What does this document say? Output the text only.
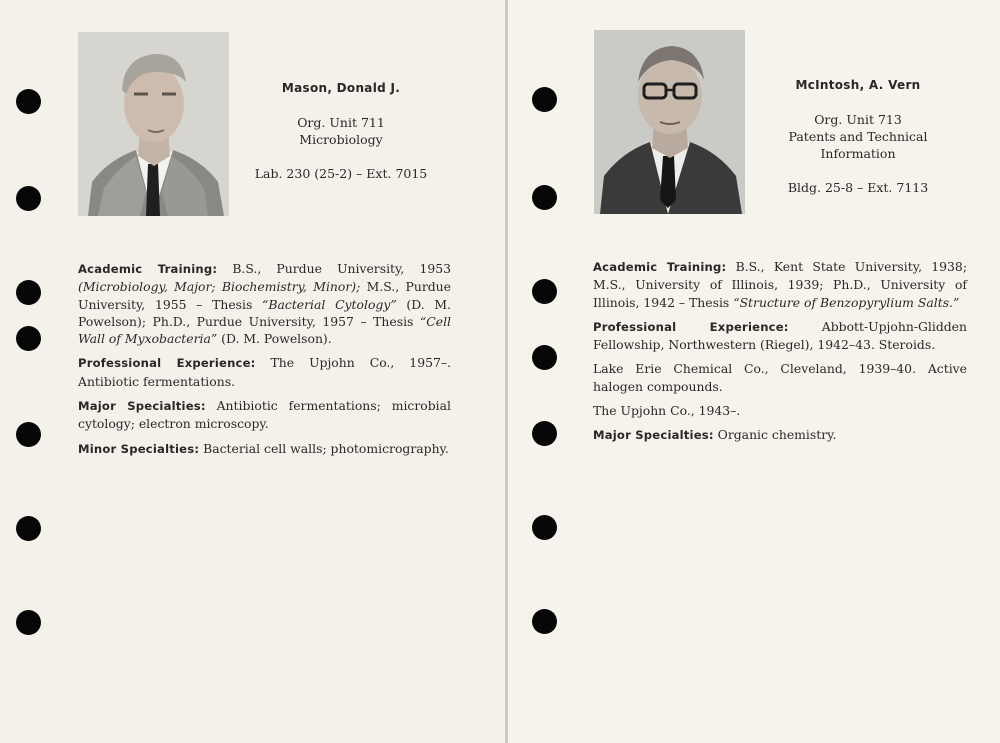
Mason, Donald J.
Org. Unit 711
Microbiology
Lab. 230 (25-2) – Ext. 7015

Academic Training: B.S., Purdue University, 1953 (Microbiology, Major; Biochemistry, Minor); M.S., Purdue University, 1955 – Thesis “Bacterial Cytology” (D. M. Powelson); Ph.D., Purdue University, 1957 – Thesis “Cell Wall of Myxobacteria” (D. M. Powelson).

Professional Experience: The Upjohn Co., 1957–. Antibiotic fermentations.

Major Specialties: Antibiotic fermentations; microbial cytology; electron microscopy.

Minor Specialties: Bacterial cell walls; photomicrography.

McIntosh, A. Vern
Org. Unit 713
Patents and Technical
Information
Bldg. 25-8 – Ext. 7113

Academic Training: B.S., Kent State University, 1938; M.S., University of Illinois, 1939; Ph.D., University of Illinois, 1942 – Thesis “Structure of Benzopyrylium Salts.”

Professional Experience: Abbott-Upjohn-Glidden Fellowship, Northwestern (Riegel), 1942–43. Steroids.

Lake Erie Chemical Co., Cleveland, 1939–40. Active halogen compounds.

The Upjohn Co., 1943–.

Major Specialties: Organic chemistry.
